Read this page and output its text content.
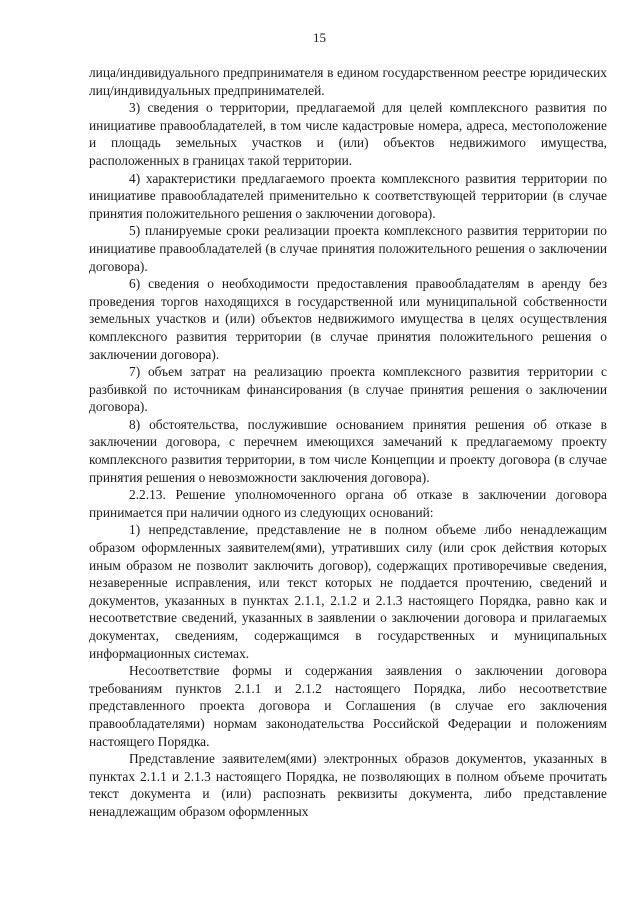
15

лица/индивидуального предпринимателя в едином государственном реестре юридических лиц/индивидуальных предпринимателей.

3) сведения о территории, предлагаемой для целей комплексного развития по инициативе правообладателей, в том числе кадастровые номера, адреса, местоположение и площадь земельных участков и (или) объектов недвижимого имущества, расположенных в границах такой территории.

4) характеристики предлагаемого проекта комплексного развития территории по инициативе правообладателей применительно к соответствующей территории (в случае принятия положительного решения о заключении договора).

5) планируемые сроки реализации проекта комплексного развития территории по инициативе правообладателей (в случае принятия положительного решения о заключении договора).

6) сведения о необходимости предоставления правообладателям в аренду без проведения торгов находящихся в государственной или муниципальной собственности земельных участков и (или) объектов недвижимого имущества в целях осуществления комплексного развития территории (в случае принятия положительного решения о заключении договора).

7) объем затрат на реализацию проекта комплексного развития территории с разбивкой по источникам финансирования (в случае принятия решения о заключении договора).

8) обстоятельства, послужившие основанием принятия решения об отказе в заключении договора, с перечнем имеющихся замечаний к предлагаемому проекту комплексного развития территории, в том числе Концепции и проекту договора (в случае принятия решения о невозможности заключения договора).

2.2.13. Решение уполномоченного органа об отказе в заключении договора принимается при наличии одного из следующих оснований:

1) непредставление, представление не в полном объеме либо ненадлежащим образом оформленных заявителем(ями), утративших силу (или срок действия которых иным образом не позволит заключить договор), содержащих противоречивые сведения, незаверенные исправления, или текст которых не поддается прочтению, сведений и документов, указанных в пунктах 2.1.1, 2.1.2 и 2.1.3 настоящего Порядка, равно как и несоответствие сведений, указанных в заявлении о заключении договора и прилагаемых документах, сведениям, содержащимся в государственных и муниципальных информационных системах.

Несоответствие формы и содержания заявления о заключении договора требованиям пунктов 2.1.1 и 2.1.2 настоящего Порядка, либо несоответствие представленного проекта договора и Соглашения (в случае его заключения правообладателями) нормам законодательства Российской Федерации и положениям настоящего Порядка.

Представление заявителем(ями) электронных образов документов, указанных в пунктах 2.1.1 и 2.1.3 настоящего Порядка, не позволяющих в полном объеме прочитать текст документа и (или) распознать реквизиты документа, либо представление ненадлежащим образом оформленных
